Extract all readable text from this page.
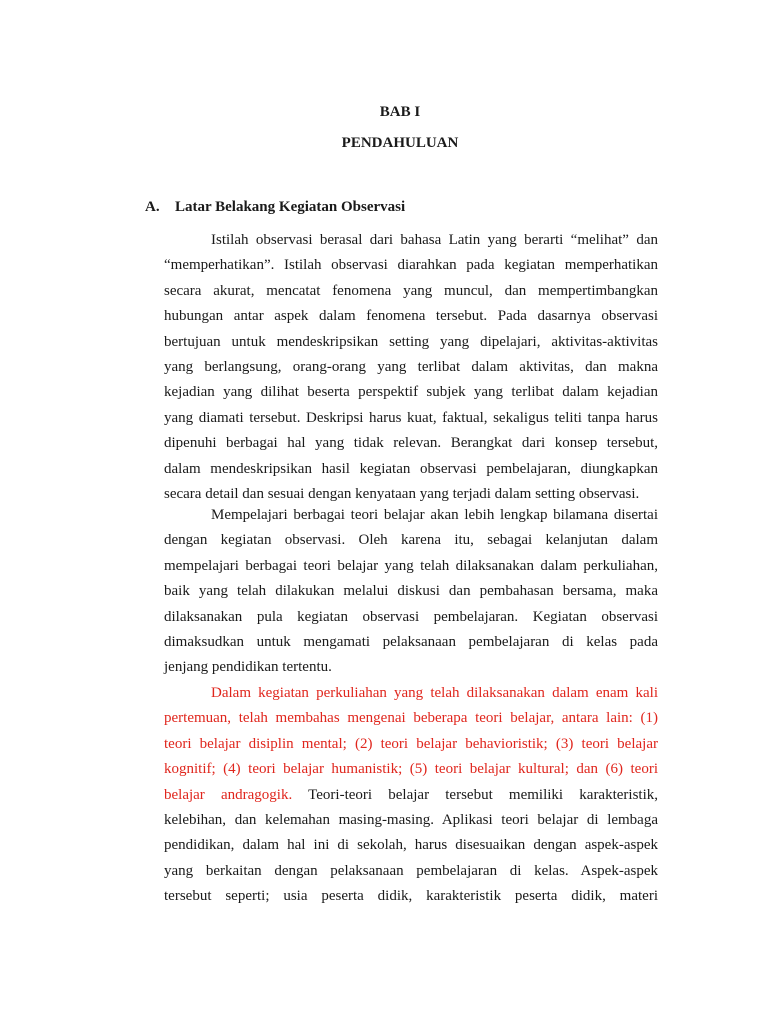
BAB I
PENDAHULUAN
A.	Latar Belakang Kegiatan Observasi
Istilah observasi berasal dari bahasa Latin yang berarti “melihat” dan
“memperhatikan”. Istilah observasi diarahkan pada kegiatan memperhatikan
secara akurat, mencatat fenomena yang muncul, dan mempertimbangkan
hubungan antar aspek dalam fenomena tersebut. Pada dasarnya observasi
bertujuan untuk mendeskripsikan setting yang dipelajari, aktivitas-aktivitas
yang berlangsung, orang-orang yang terlibat dalam aktivitas, dan makna
kejadian yang dilihat beserta perspektif subjek yang terlibat dalam kejadian
yang diamati tersebut. Deskripsi harus kuat, faktual, sekaligus teliti tanpa harus
dipenuhi berbagai hal yang tidak relevan. Berangkat dari konsep tersebut,
dalam mendeskripsikan hasil kegiatan observasi pembelajaran, diungkapkan
secara detail dan sesuai dengan kenyataan yang terjadi dalam setting observasi.
Mempelajari berbagai teori belajar akan lebih lengkap bilamana disertai
dengan kegiatan observasi. Oleh karena itu, sebagai kelanjutan dalam
mempelajari berbagai teori belajar yang telah dilaksanakan dalam perkuliahan,
baik yang telah dilakukan melalui diskusi dan pembahasan bersama, maka
dilaksanakan pula kegiatan observasi pembelajaran. Kegiatan observasi
dimaksudkan untuk mengamati pelaksanaan pembelajaran di kelas pada
jenjang pendidikan tertentu.
Dalam kegiatan perkuliahan yang telah dilaksanakan dalam enam kali
pertemuan, telah membahas mengenai beberapa teori belajar, antara lain: (1)
teori belajar disiplin mental; (2) teori belajar behavioristik; (3) teori belajar
kognitif; (4) teori belajar humanistik; (5) teori belajar kultural; dan (6) teori
belajar andragogik. Teori-teori belajar tersebut memiliki karakteristik,
kelebihan, dan kelemahan masing-masing. Aplikasi teori belajar di lembaga
pendidikan, dalam hal ini di sekolah, harus disesuaikan dengan aspek-aspek
yang berkaitan dengan pelaksanaan pembelajaran di kelas. Aspek-aspek
tersebut seperti; usia peserta didik, karakteristik peserta didik, materi
